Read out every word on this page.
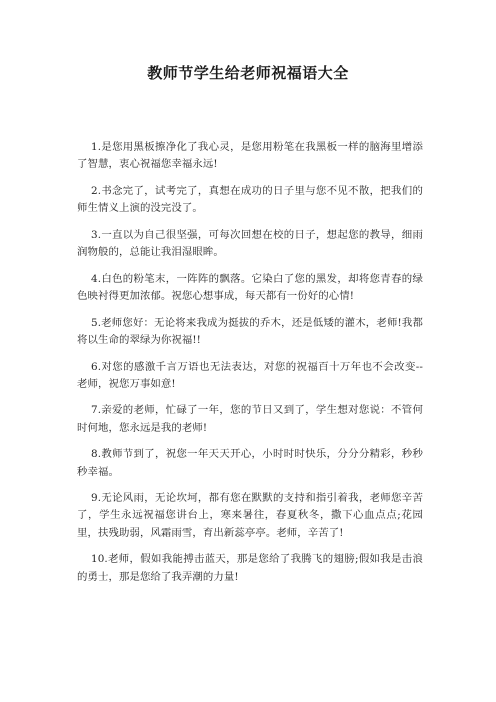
教师节学生给老师祝福语大全

1.是您用黑板擦净化了我心灵，是您用粉笔在我黑板一样的脑海里增添了智慧，衷心祝福您幸福永远!

2.书念完了，试考完了，真想在成功的日子里与您不见不散，把我们的师生情义上演的没完没了。

3.一直以为自己很坚强，可每次回想在校的日子，想起您的教导，细雨润物般的，总能让我泪湿眼眸。

4.白色的粉笔末，一阵阵的飘落。它染白了您的黑发，却将您青春的绿色映衬得更加浓郁。祝您心想事成，每天都有一份好的心情!

5.老师您好：无论将来我成为挺拔的乔木，还是低矮的灌木，老师!我都将以生命的翠绿为你祝福!!

6.对您的感激千言万语也无法表达，对您的祝福百十万年也不会改变--老师，祝您万事如意!

7.亲爱的老师，忙碌了一年，您的节日又到了，学生想对您说：不管何时何地，您永远是我的老师!

8.教师节到了，祝您一年天天开心，小时时时快乐，分分分精彩，秒秒秒幸福。

9.无论风雨，无论坎坷，都有您在默默的支持和指引着我，老师您辛苦了，学生永远祝福您讲台上，寒来暑往，春夏秋冬，撒下心血点点;花园里，扶残助弱，风霜雨雪，育出新蕊亭亭。老师，辛苦了!

10.老师，假如我能搏击蓝天，那是您给了我腾飞的翅膀;假如我是击浪的勇士，那是您给了我弄潮的力量!
